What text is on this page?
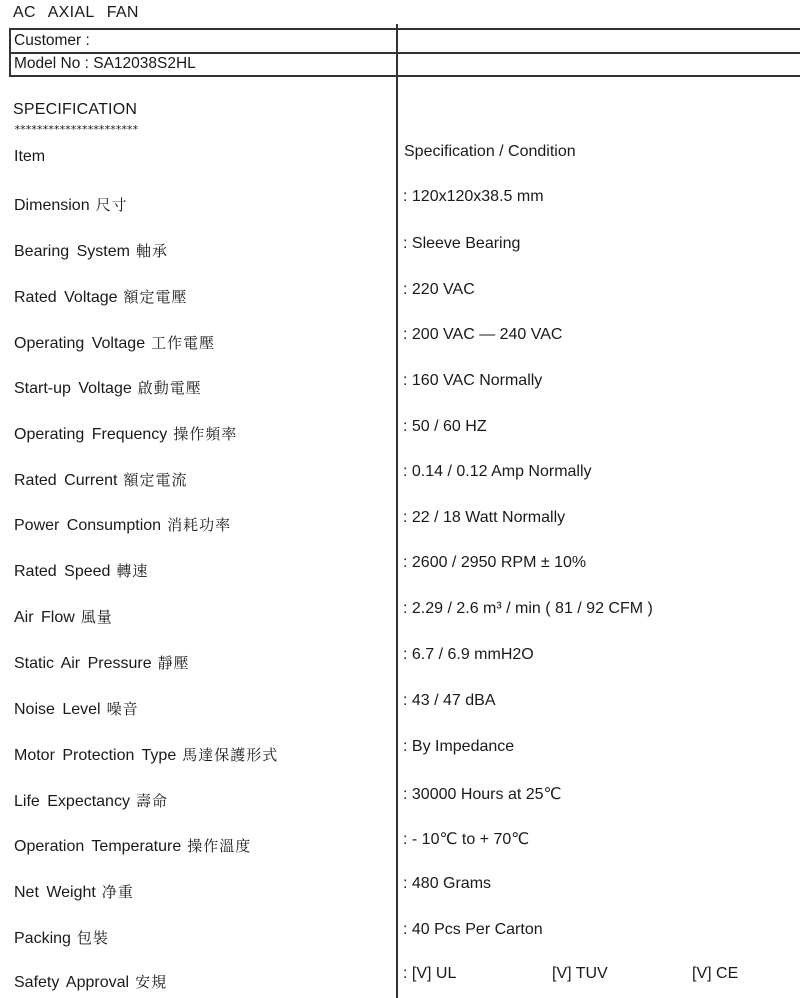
AC AXIAL FAN
Customer :
Model No : SA12038S2HL
SPECIFICATION
**********************
Item	Specification / Condition
Dimension 尺寸	: 120x120x38.5 mm
Bearing System 軸承	: Sleeve Bearing
Rated Voltage 額定電壓	: 220 VAC
Operating Voltage 工作電壓	: 200 VAC — 240 VAC
Start-up Voltage 啟動電壓	: 160 VAC Normally
Operating Frequency 操作頻率	: 50 / 60 HZ
Rated Current 額定電流	: 0.14 / 0.12 Amp Normally
Power Consumption 消耗功率	: 22 / 18 Watt Normally
Rated Speed 轉速	: 2600 / 2950 RPM ± 10%
Air Flow 風量	: 2.29 / 2.6 m³ / min ( 81 / 92 CFM )
Static Air Pressure 靜壓	: 6.7 / 6.9 mmH2O
Noise Level 噪音	: 43 / 47 dBA
Motor Protection Type 馬達保護形式	: By Impedance
Life Expectancy 壽命	: 30000 Hours at 25℃
Operation Temperature 操作溫度	: - 10℃ to + 70℃
Net Weight 净重	: 480 Grams
Packing 包裝	: 40 Pcs Per Carton
Safety Approval 安規	: [V] UL	[V] TUV	[V] CE
